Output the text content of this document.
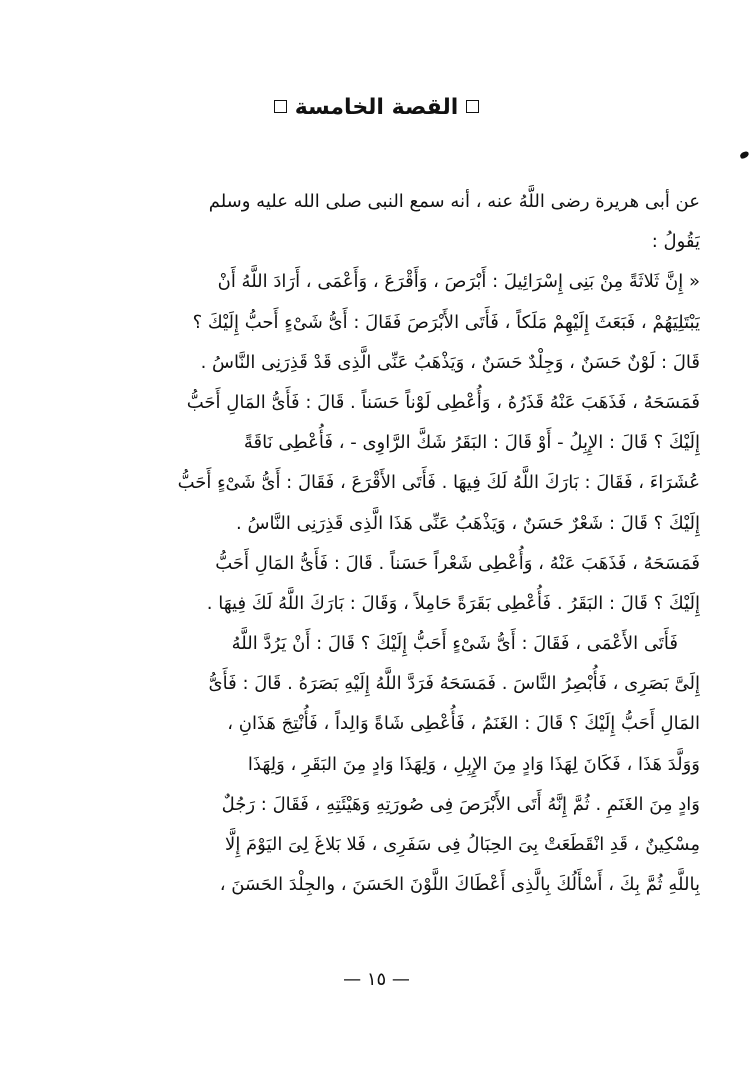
القصة الخامسة
عن أبى هريرة رضى اللَّهُ عنه ، أنه سمع النبى صلى الله عليه وسلم
يَقُولُ :
« إِنَّ ثَلاثَةً مِنْ بَنِى إِسْرَائِيلَ : أَبْرَصَ ، وَأَقْرَعَ ، وَأَعْمَى ، أَرَادَ اللَّهُ أَنْ
يَبْتَلِيَهُمْ ، فَبَعَثَ إِلَيْهِمْ مَلَكاً ، فَأَتَى الأَبْرَصَ فَقَالَ : أَىُّ شَىْءٍ أَحبُّ إِلَيْكَ ؟
قَالَ : لَوْنٌ حَسَنٌ ، وَجِلْدٌ حَسَنٌ ، وَيَذْهَبُ عَنِّى الَّذِى قَدْ قَذِرَنِى النَّاسُ .
فَمَسَحَهُ ، فَذَهَبَ عَنْهُ قَذَرُهُ ، وَأُعْطِى لَوْناً حَسَناً . قَالَ : فَأَىُّ المَالِ أَحَبُّ
إِلَيْكَ ؟ قَالَ : الإِبِلُ - أَوْ قَالَ : البَقَرُ شَكَّ الرَّاوِى - ، فَأُعْطِى نَاقَةً
عُشَرَاءَ ، فَقَالَ : بَارَكَ اللَّهُ لَكَ فِيهَا . فَأَتَى الأَقْرَعَ ، فَقَالَ : أَىُّ شَىْءٍ أَحَبُّ
إِلَيْكَ ؟ قَالَ : شَعْرٌ حَسَنٌ ، وَيَذْهَبُ عَنِّى هَذَا الَّذِى قَذِرَنِى النَّاسُ .
فَمَسَحَهُ ، فَذَهَبَ عَنْهُ ، وَأُعْطِى شَعْراً حَسَناً . قَالَ : فَأَىُّ المَالِ أَحَبُّ
إِلَيْكَ ؟ قَالَ : البَقَرُ . فَأُعْطِى بَقَرَةً حَامِلاً ، وَقَالَ : بَارَكَ اللَّهُ لَكَ فِيهَا .
فَأَتَى الأَعْمَى ، فَقَالَ : أَىُّ شَىْءٍ أَحَبُّ إِلَيْكَ ؟ قَالَ : أَنْ يَرُدَّ اللَّهُ
إِلَىَّ بَصَرِى ، فَأُبْصِرُ النَّاسَ . فَمَسَحَهُ فَرَدَّ اللَّهُ إِلَيْهِ بَصَرَهُ . قَالَ : فَأَىُّ
المَالِ أَحَبُّ إِلَيْكَ ؟ قَالَ : الغَنَمُ ، فَأُعْطِى شَاةً وَالِداً ، فَأُنْتِجَ هَذَانِ ،
وَوَلَّدَ هَذَا ، فَكَانَ لِهَذَا وَادٍ مِنَ الإِبِلِ ، وَلِهَذَا وَادٍ مِنَ البَقَرِ ، وَلِهَذَا
وَادٍ مِنَ الغَنَمِ . ثُمَّ إِنَّهُ أَتَى الأَبْرَصَ فِى صُورَتِهِ وَهَيْئَتِهِ ، فَقَالَ : رَجُلٌ
مِسْكِينٌ ، قَدِ انْقَطَعَتْ بِىَ الحِبَالُ فِى سَفَرِى ، فَلا بَلاغَ لِىَ اليَوْمَ إِلَّا
بِاللَّهِ ثُمَّ بِكَ ، أَسْأَلُكَ بِالَّذِى أَعْطَاكَ اللَّوْنَ الحَسَنَ ، والجِلْدَ الحَسَنَ ،
— ١٥ —
